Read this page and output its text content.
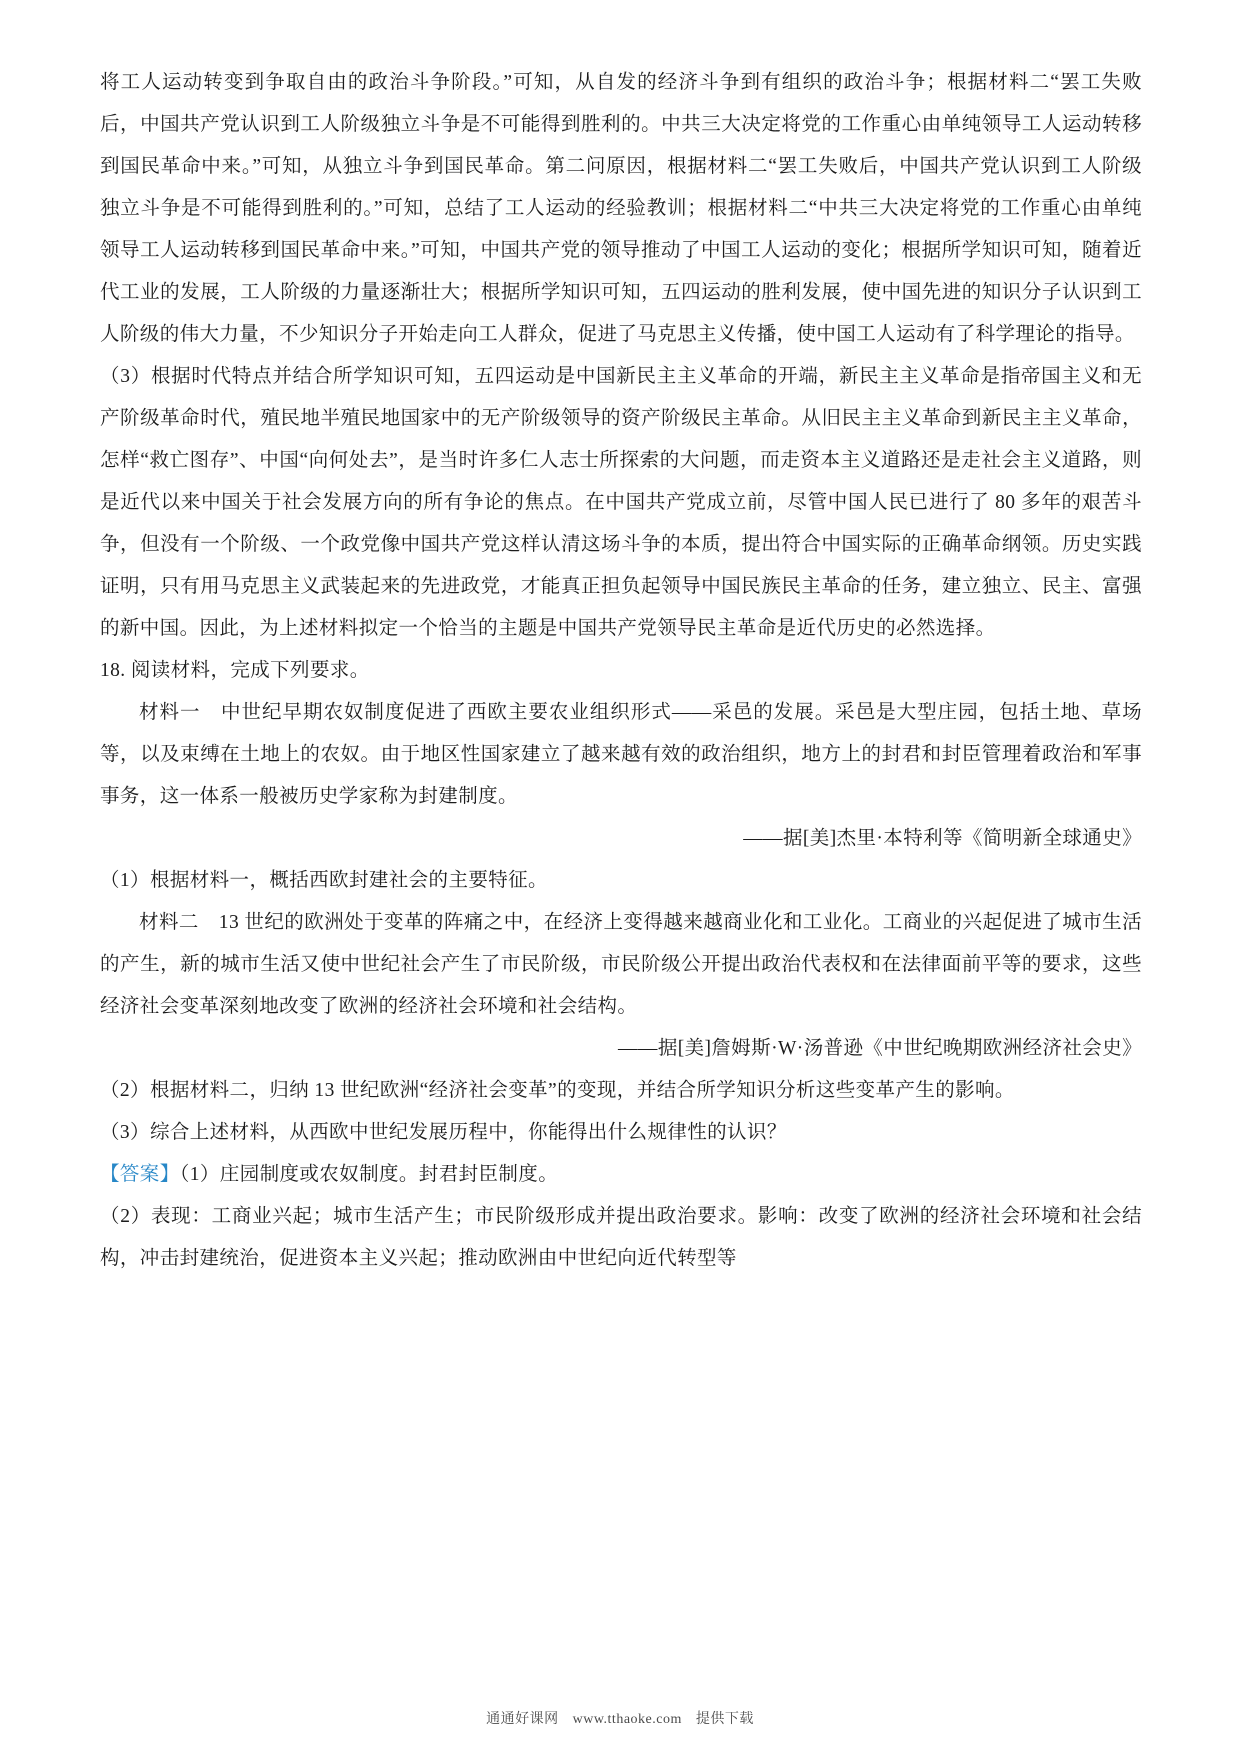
将工人运动转变到争取自由的政治斗争阶段。”可知，从自发的经济斗争到有组织的政治斗争；根据材料二“罢工失败后，中国共产党认识到工人阶级独立斗争是不可能得到胜利的。中共三大决定将党的工作重心由单纯领导工人运动转移到国民革命中来。”可知，从独立斗争到国民革命。第二问原因，根据材料二“罢工失败后，中国共产党认识到工人阶级独立斗争是不可能得到胜利的。”可知，总结了工人运动的经验教训；根据材料二“中共三大决定将党的工作重心由单纯领导工人运动转移到国民革命中来。”可知，中国共产党的领导推动了中国工人运动的变化；根据所学知识可知，随着近代工业的发展，工人阶级的力量逐渐壮大；根据所学知识可知，五四运动的胜利发展，使中国先进的知识分子认识到工人阶级的伟大力量，不少知识分子开始走向工人群众，促进了马克思主义传播，使中国工人运动有了科学理论的指导。

（3）根据时代特点并结合所学知识可知，五四运动是中国新民主主义革命的开端，新民主主义革命是指帝国主义和无产阶级革命时代，殖民地半殖民地国家中的无产阶级领导的资产阶级民主革命。从旧民主主义革命到新民主主义革命，怎样“救亡图存”、中国“向何处去”，是当时许多仁人志士所探索的大问题，而走资本主义道路还是走社会主义道路，则是近代以来中国关于社会发展方向的所有争论的焦点。在中国共产党成立前，尽管中国人民已进行了 80 多年的艰苦斗争，但没有一个阶级、一个政党像中国共产党这样认清这场斗争的本质，提出符合中国实际的正确革命纲领。历史实践证明，只有用马克思主义武装起来的先进政党，才能真正担负起领导中国民族民主革命的任务，建立独立、民主、富强的新中国。因此，为上述材料拟定一个恰当的主题是中国共产党领导民主革命是近代历史的必然选择。

18. 阅读材料，完成下列要求。

材料一　中世纪早期农奴制度促进了西欧主要农业组织形式——采邑的发展。采邑是大型庄园，包括土地、草场等，以及束缚在土地上的农奴。由于地区性国家建立了越来越有效的政治组织，地方上的封君和封臣管理着政治和军事事务，这一体系一般被历史学家称为封建制度。

——据[美]杰里·本特利等《简明新全球通史》

（1）根据材料一，概括西欧封建社会的主要特征。

材料二　13 世纪的欧洲处于变革的阵痛之中，在经济上变得越来越商业化和工业化。工商业的兴起促进了城市生活的产生，新的城市生活又使中世纪社会产生了市民阶级，市民阶级公开提出政治代表权和在法律面前平等的要求，这些经济社会变革深刻地改变了欧洲的经济社会环境和社会结构。

——据[美]詹姆斯·W·汤普逊《中世纪晚期欧洲经济社会史》

（2）根据材料二，归纳 13 世纪欧洲“经济社会变革”的变现，并结合所学知识分析这些变革产生的影响。

（3）综合上述材料，从西欧中世纪发展历程中，你能得出什么规律性的认识？

【答案】（1）庄园制度或农奴制度。封君封臣制度。

（2）表现：工商业兴起；城市生活产生；市民阶级形成并提出政治要求。影响：改变了欧洲的经济社会环境和社会结构，冲击封建统治，促进资本主义兴起；推动欧洲由中世纪向近代转型等

通通好课网 www.tthaoke.com 提供下载
